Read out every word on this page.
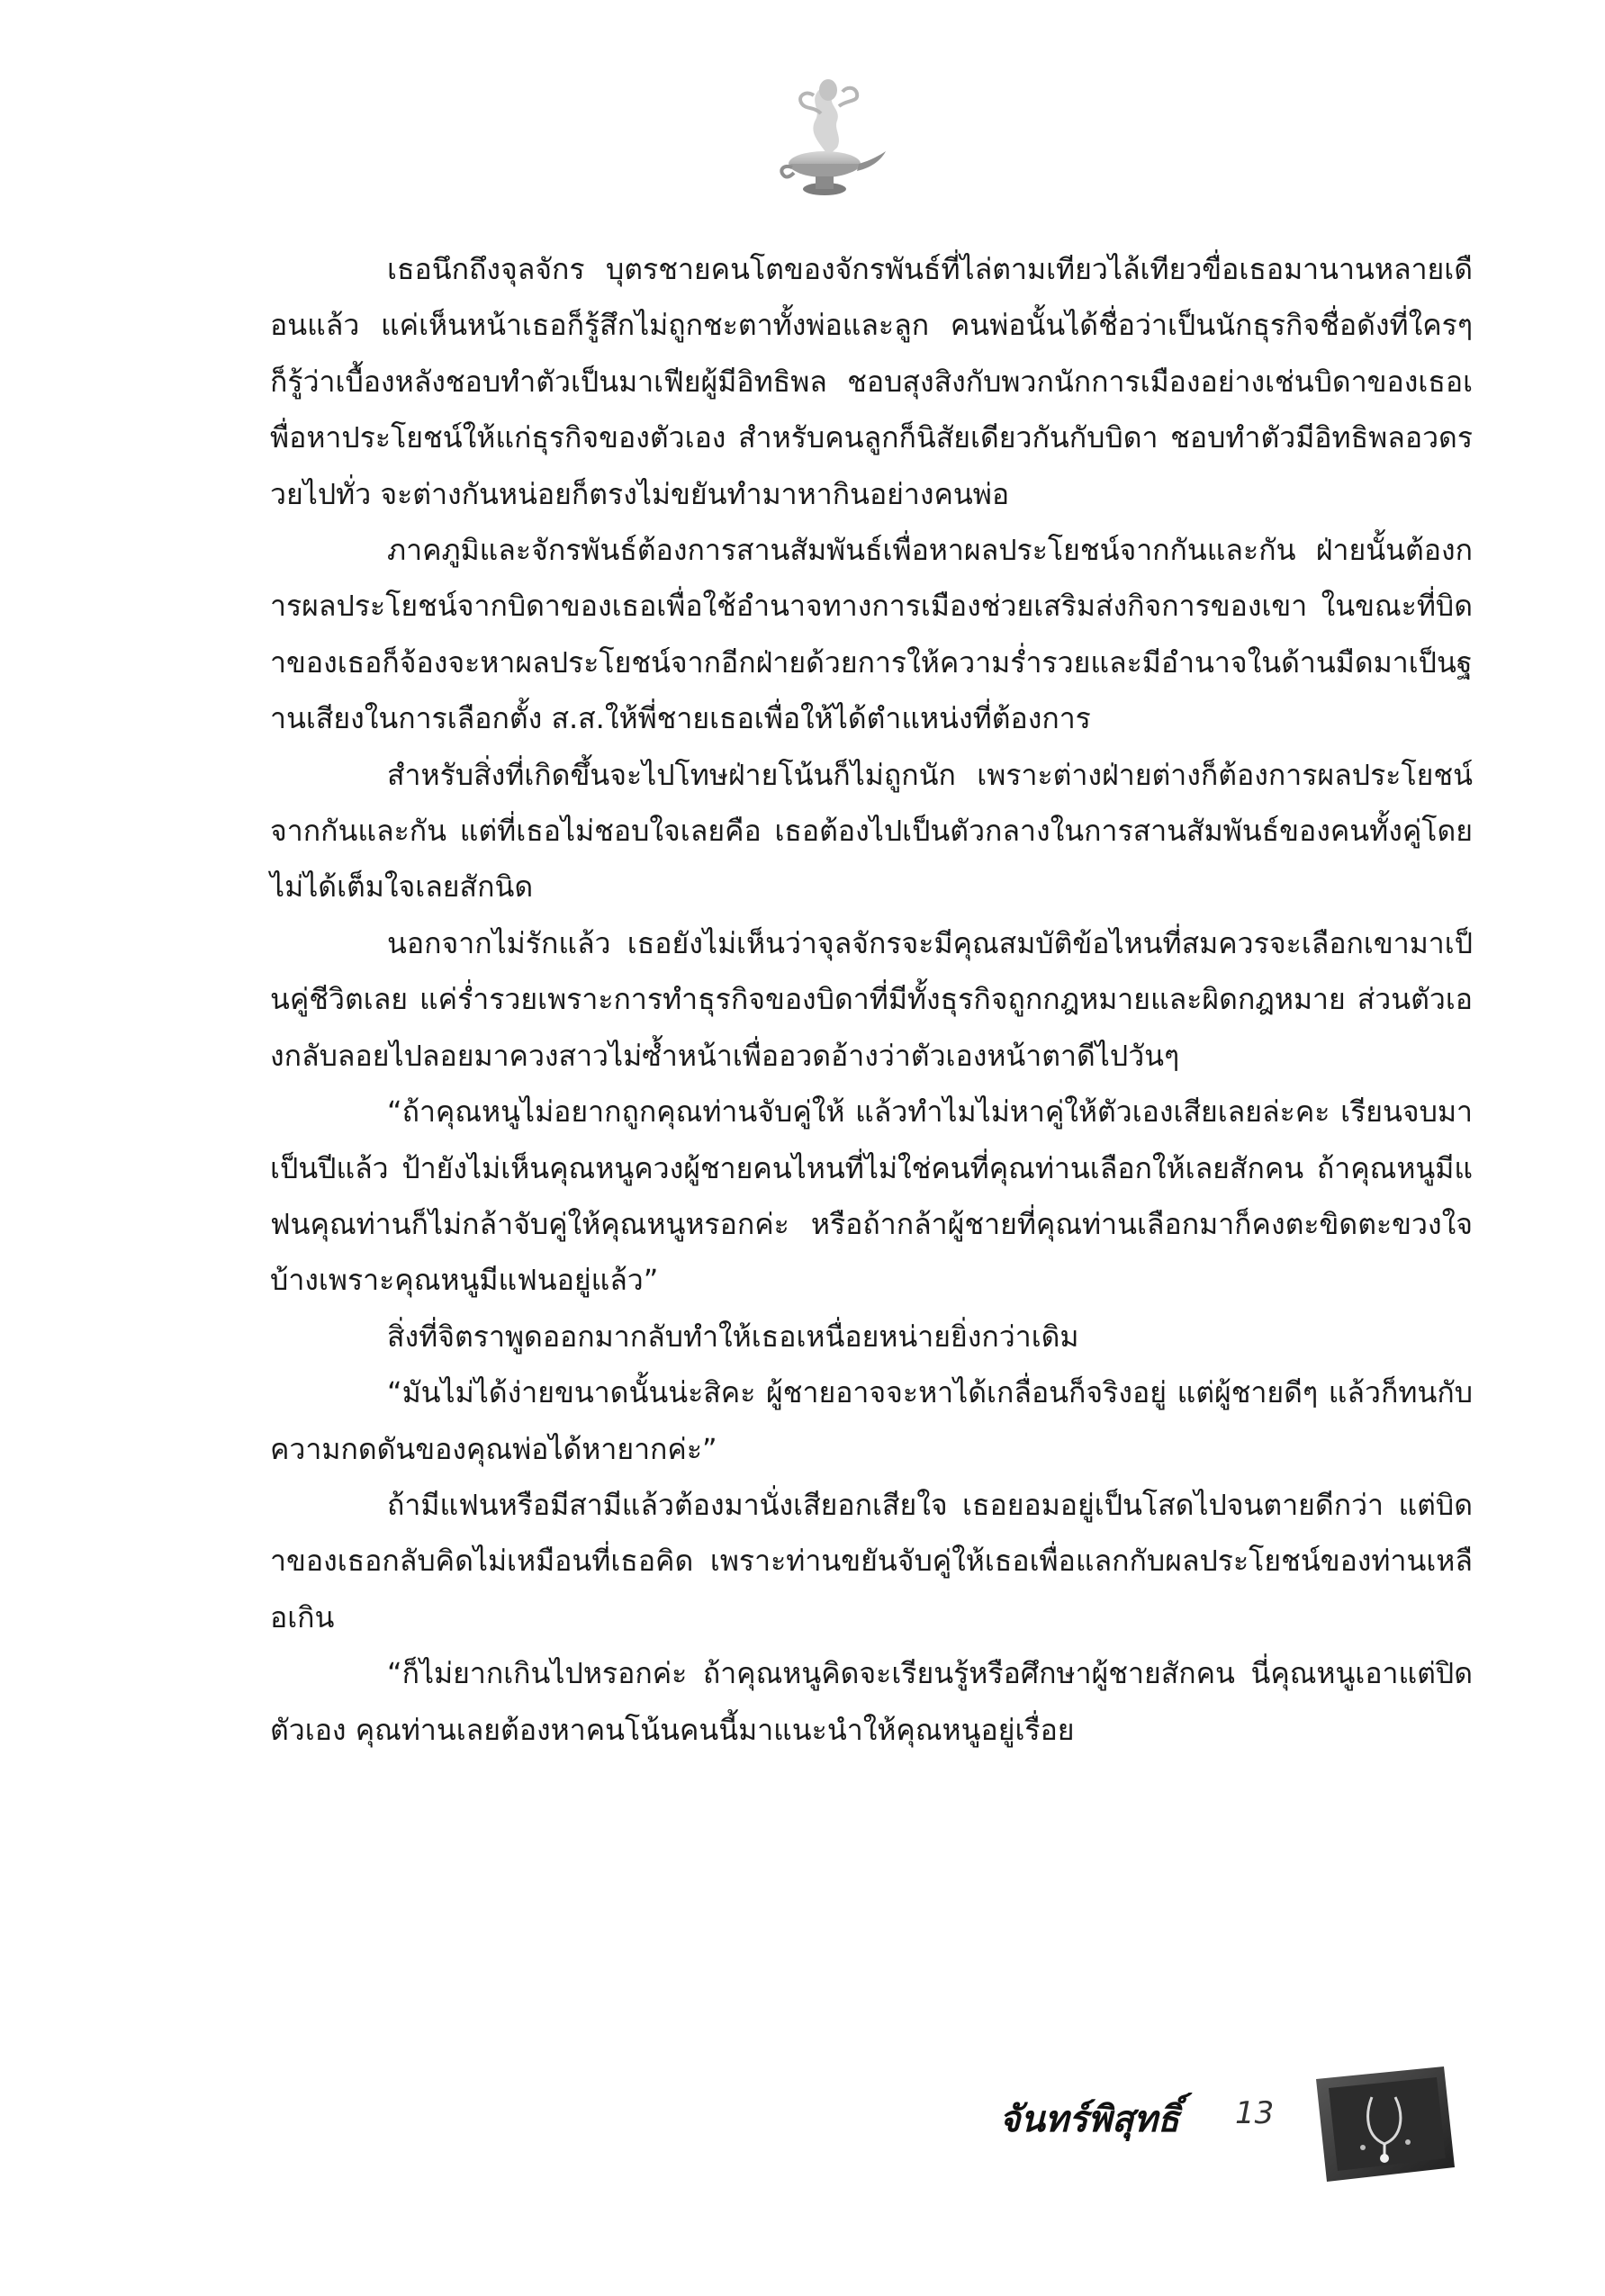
เธอนึกถึงจุลจักร บุตรชายคนโตของจักรพันธ์ที่ไล่ตามเทียวไล้เทียวขื่อเธอมานานหลายเดือนแล้ว แค่เห็นหน้าเธอก็รู้สึกไม่ถูกชะตาทั้งพ่อและลูก คนพ่อนั้นได้ชื่อว่าเป็นนักธุรกิจชื่อดังที่ใครๆ ก็รู้ว่าเบื้องหลังชอบทำตัวเป็นมาเฟียผู้มีอิทธิพล ชอบสุงสิงกับพวกนักการเมืองอย่างเช่นบิดาของเธอเพื่อหาประโยชน์ให้แก่ธุรกิจของตัวเอง สำหรับคนลูกก็นิสัยเดียวกันกับบิดา ชอบทำตัวมีอิทธิพลอวดรวยไปทั่ว จะต่างกันหน่อยก็ตรงไม่ขยันทำมาหากินอย่างคนพ่อ

ภาคภูมิและจักรพันธ์ต้องการสานสัมพันธ์เพื่อหาผลประโยชน์จากกันและกัน ฝ่ายนั้นต้องการผลประโยชน์จากบิดาของเธอเพื่อใช้อำนาจทางการเมืองช่วยเสริมส่งกิจการของเขา ในขณะที่บิดาของเธอก็จ้องจะหาผลประโยชน์จากอีกฝ่ายด้วยการให้ความร่ำรวยและมีอำนาจในด้านมืดมาเป็นฐานเสียงในการเลือกตั้ง ส.ส.ให้พี่ชายเธอเพื่อให้ได้ตำแหน่งที่ต้องการ

สำหรับสิ่งที่เกิดขึ้นจะไปโทษฝ่ายโน้นก็ไม่ถูกนัก เพราะต่างฝ่ายต่างก็ต้องการผลประโยชน์จากกันและกัน แต่ที่เธอไม่ชอบใจเลยคือ เธอต้องไปเป็นตัวกลางในการสานสัมพันธ์ของคนทั้งคู่โดยไม่ได้เต็มใจเลยสักนิด

นอกจากไม่รักแล้ว เธอยังไม่เห็นว่าจุลจักรจะมีคุณสมบัติข้อไหนที่สมควรจะเลือกเขามาเป็นคู่ชีวิตเลย แค่ร่ำรวยเพราะการทำธุรกิจของบิดาที่มีทั้งธุรกิจถูกกฎหมายและผิดกฎหมาย ส่วนตัวเองกลับลอยไปลอยมาควงสาวไม่ซ้ำหน้าเพื่ออวดอ้างว่าตัวเองหน้าตาดีไปวันๆ

“ถ้าคุณหนูไม่อยากถูกคุณท่านจับคู่ให้ แล้วทำไมไม่หาคู่ให้ตัวเองเสียเลยล่ะคะ เรียนจบมาเป็นปีแล้ว ป้ายังไม่เห็นคุณหนูควงผู้ชายคนไหนที่ไม่ใช่คนที่คุณท่านเลือกให้เลยสักคน ถ้าคุณหนูมีแฟนคุณท่านก็ไม่กล้าจับคู่ให้คุณหนูหรอกค่ะ หรือถ้ากล้าผู้ชายที่คุณท่านเลือกมาก็คงตะขิดตะขวงใจบ้างเพราะคุณหนูมีแฟนอยู่แล้ว”

สิ่งที่จิตราพูดออกมากลับทำให้เธอเหนื่อยหน่ายยิ่งกว่าเดิม

“มันไม่ได้ง่ายขนาดนั้นน่ะสิคะ ผู้ชายอาจจะหาได้เกลื่อนก็จริงอยู่ แต่ผู้ชายดีๆ แล้วก็ทนกับความกดดันของคุณพ่อได้หายากค่ะ”

ถ้ามีแฟนหรือมีสามีแล้วต้องมานั่งเสียอกเสียใจ เธอยอมอยู่เป็นโสดไปจนตายดีกว่า แต่บิดาของเธอกลับคิดไม่เหมือนที่เธอคิด เพราะท่านขยันจับคู่ให้เธอเพื่อแลกกับผลประโยชน์ของท่านเหลือเกิน

“ก็ไม่ยากเกินไปหรอกค่ะ ถ้าคุณหนูคิดจะเรียนรู้หรือศึกษาผู้ชายสักคน นี่คุณหนูเอาแต่ปิดตัวเอง คุณท่านเลยต้องหาคนโน้นคนนี้มาแนะนำให้คุณหนูอยู่เรื่อย

จันทร์พิสุทธิ์ 13
